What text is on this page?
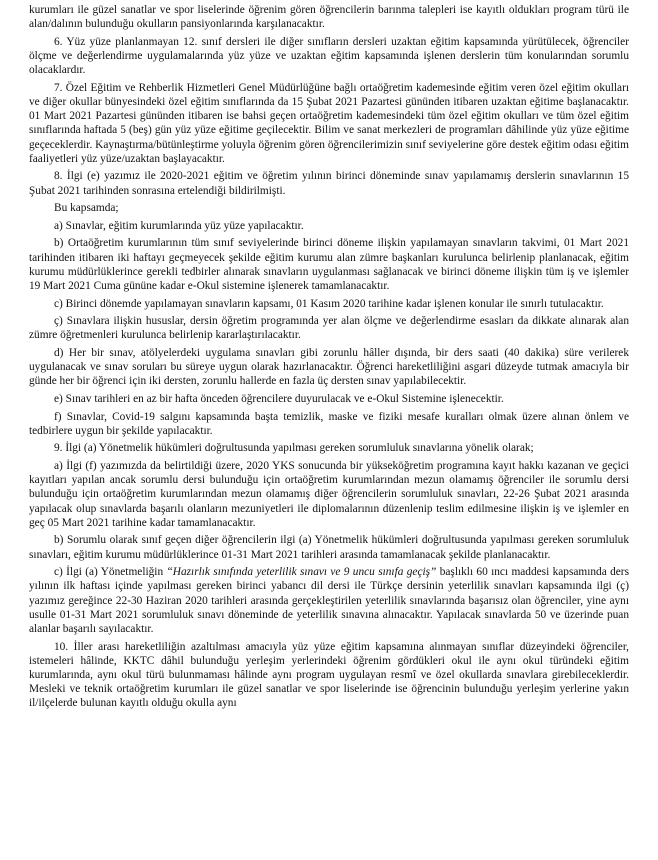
kurumları ile güzel sanatlar ve spor liselerinde öğrenim gören öğrencilerin barınma talepleri ise kayıtlı oldukları program türü ile alan/dalının bulunduğu okulların pansiyonlarında karşılanacaktır.

6. Yüz yüze planlanmayan 12. sınıf dersleri ile diğer sınıfların dersleri uzaktan eğitim kapsamında yürütülecek, öğrenciler ölçme ve değerlendirme uygulamalarında yüz yüze ve uzaktan eğitim kapsamında işlenen derslerin tüm konularından sorumlu olacaklardır.

7. Özel Eğitim ve Rehberlik Hizmetleri Genel Müdürlüğüne bağlı ortaöğretim kademesinde eğitim veren özel eğitim okulları ve diğer okullar bünyesindeki özel eğitim sınıflarında da 15 Şubat 2021 Pazartesi gününden itibaren uzaktan eğitime başlanacaktır. 01 Mart 2021 Pazartesi gününden itibaren ise bahsi geçen ortaöğretim kademesindeki tüm özel eğitim okulları ve tüm özel eğitim sınıflarında haftada 5 (beş) gün yüz yüze eğitime geçilecektir. Bilim ve sanat merkezleri de programları dâhilinde yüz yüze eğitime geçeceklerdir. Kaynaştırma/bütünleştirme yoluyla öğrenim gören öğrencilerimizin sınıf seviyelerine göre destek eğitim odası eğitim faaliyetleri yüz yüze/uzaktan başlayacaktır.

8. İlgi (e) yazımız ile 2020-2021 eğitim ve öğretim yılının birinci döneminde sınav yapılamamış derslerin sınavlarının 15 Şubat 2021 tarihinden sonrasına ertelendiği bildirilmişti.

Bu kapsamda;

a) Sınavlar, eğitim kurumlarında yüz yüze yapılacaktır.

b) Ortaöğretim kurumlarının tüm sınıf seviyelerinde birinci döneme ilişkin yapılamayan sınavların takvimi, 01 Mart 2021 tarihinden itibaren iki haftayı geçmeyecek şekilde eğitim kurumu alan zümre başkanları kurulunca belirlenip planlanacak, eğitim kurumu müdürlüklerince gerekli tedbirler alınarak sınavların uygulanması sağlanacak ve birinci döneme ilişkin tüm iş ve işlemler 19 Mart 2021 Cuma gününe kadar e-Okul sistemine işlenerek tamamlanacaktır.

c) Birinci dönemde yapılamayan sınavların kapsamı, 01 Kasım 2020 tarihine kadar işlenen konular ile sınırlı tutulacaktır.

ç) Sınavlara ilişkin hususlar, dersin öğretim programında yer alan ölçme ve değerlendirme esasları da dikkate alınarak alan zümre öğretmenleri kurulunca belirlenip kararlaştırılacaktır.

d) Her bir sınav, atölyelerdeki uygulama sınavları gibi zorunlu hâller dışında, bir ders saati (40 dakika) süre verilerek uygulanacak ve sınav soruları bu süreye uygun olarak hazırlanacaktır. Öğrenci hareketliliğini asgari düzeyde tutmak amacıyla bir günde her bir öğrenci için iki dersten, zorunlu hallerde en fazla üç dersten sınav yapılabilecektir.

e) Sınav tarihleri en az bir hafta önceden öğrencilere duyurulacak ve e-Okul Sistemine işlenecektir.

f) Sınavlar, Covid-19 salgını kapsamında başta temizlik, maske ve fiziki mesafe kuralları olmak üzere alınan önlem ve tedbirlere uygun bir şekilde yapılacaktır.

9. İlgi (a) Yönetmelik hükümleri doğrultusunda yapılması gereken sorumluluk sınavlarına yönelik olarak;

a) İlgi (f) yazımızda da belirtildiği üzere, 2020 YKS sonucunda bir yükseköğretim programına kayıt hakkı kazanan ve geçici kayıtları yapılan ancak sorumlu dersi bulunduğu için ortaöğretim kurumlarından mezun olamamış öğrenciler ile sorumlu dersi bulunduğu için ortaöğretim kurumlarından mezun olamamış diğer öğrencilerin sorumluluk sınavları, 22-26 Şubat 2021 arasında yapılacak olup sınavlarda başarılı olanların mezuniyetleri ile diplomalarının düzenlenip teslim edilmesine ilişkin iş ve işlemler en geç 05 Mart 2021 tarihine kadar tamamlanacaktır.

b) Sorumlu olarak sınıf geçen diğer öğrencilerin ilgi (a) Yönetmelik hükümleri doğrultusunda yapılması gereken sorumluluk sınavları, eğitim kurumu müdürlüklerince 01-31 Mart 2021 tarihleri arasında tamamlanacak şekilde planlanacaktır.

c) İlgi (a) Yönetmeliğin “Hazırlık sınıfında yeterlilik sınavı ve 9 uncu sınıfa geçiş” başlıklı 60 ıncı maddesi kapsamında ders yılının ilk haftası içinde yapılması gereken birinci yabancı dil dersi ile Türkçe dersinin yeterlilik sınavları kapsamında ilgi (ç) yazımız gereğince 22-30 Haziran 2020 tarihleri arasında gerçekleştirilen yeterlilik sınavlarında başarısız olan öğrenciler, yine aynı usulle 01-31 Mart 2021 sorumluluk sınavı döneminde de yeterlilik sınavına alınacaktır. Yapılacak sınavlarda 50 ve üzerinde puan alanlar başarılı sayılacaktır.

10. İller arası hareketliliğin azaltılması amacıyla yüz yüze eğitim kapsamına alınmayan sınıflar düzeyindeki öğrenciler, istemeleri hâlinde, KKTC dâhil bulunduğu yerleşim yerlerindeki öğrenim gördükleri okul ile aynı okul türündeki eğitim kurumlarında, aynı okul türü bulunmaması hâlinde aynı program uygulayan resmî ve özel okullarda sınavlara girebileceklerdir. Mesleki ve teknik ortaöğretim kurumları ile güzel sanatlar ve spor liselerinde ise öğrencinin bulunduğu yerleşim yerlerine yakın il/ilçelerde bulunan kayıtlı olduğu okulla aynı
